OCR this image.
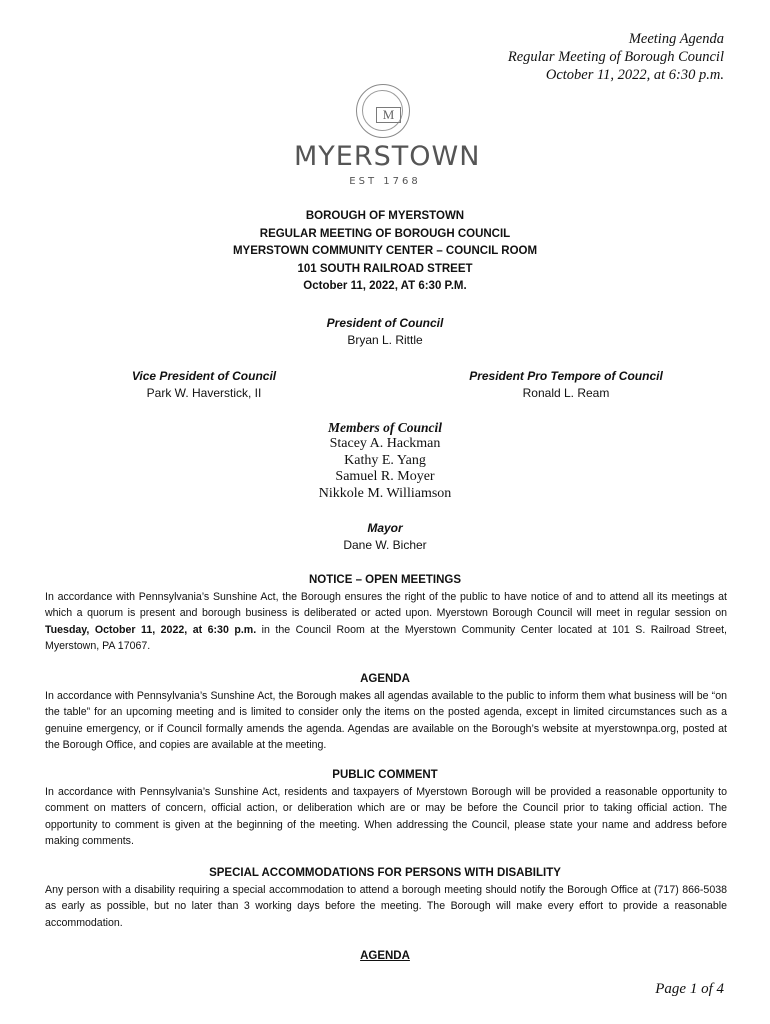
Meeting Agenda
Regular Meeting of Borough Council
October 11, 2022, at 6:30 p.m.
M
MYERSTOWN
EST 1768
BOROUGH OF MYERSTOWN
REGULAR MEETING OF BOROUGH COUNCIL
MYERSTOWN COMMUNITY CENTER – COUNCIL ROOM
101 SOUTH RAILROAD STREET
October 11, 2022, AT 6:30 P.M.
President of Council
Bryan L. Rittle
Vice President of Council
Park W. Haverstick, II
President Pro Tempore of Council
Ronald L. Ream
Members of Council
Stacey A. Hackman
Kathy E. Yang
Samuel R. Moyer
Nikkole M. Williamson
Mayor
Dane W. Bicher
NOTICE – OPEN MEETINGS
In accordance with Pennsylvania’s Sunshine Act, the Borough ensures the right of the public to have notice of and to attend all its meetings at which a quorum is present and borough business is deliberated or acted upon. Myerstown Borough Council will meet in regular session on Tuesday, October 11, 2022, at 6:30 p.m. in the Council Room at the Myerstown Community Center located at 101 S. Railroad Street, Myerstown, PA 17067.
AGENDA
In accordance with Pennsylvania’s Sunshine Act, the Borough makes all agendas available to the public to inform them what business will be “on the table” for an upcoming meeting and is limited to consider only the items on the posted agenda, except in limited circumstances such as a genuine emergency, or if Council formally amends the agenda. Agendas are available on the Borough’s website at myerstownpa.org, posted at the Borough Office, and copies are available at the meeting.
PUBLIC COMMENT
In accordance with Pennsylvania’s Sunshine Act, residents and taxpayers of Myerstown Borough will be provided a reasonable opportunity to comment on matters of concern, official action, or deliberation which are or may be before the Council prior to taking official action. The opportunity to comment is given at the beginning of the meeting. When addressing the Council, please state your name and address before making comments.
SPECIAL ACCOMMODATIONS FOR PERSONS WITH DISABILITY
Any person with a disability requiring a special accommodation to attend a borough meeting should notify the Borough Office at (717) 866-5038 as early as possible, but no later than 3 working days before the meeting. The Borough will make every effort to provide a reasonable accommodation.
AGENDA
Page 1 of 4
